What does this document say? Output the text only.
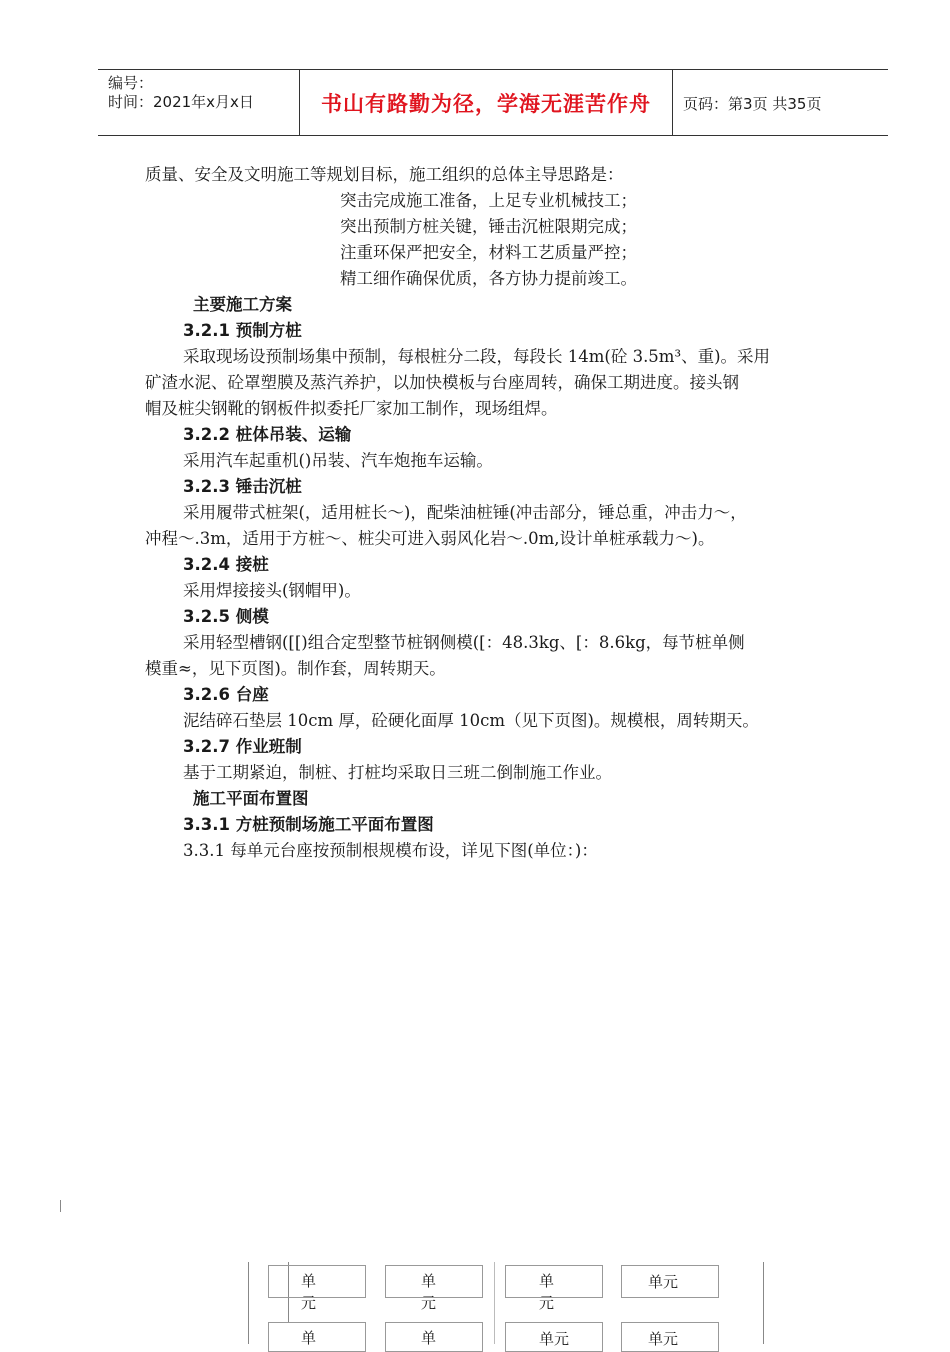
编号：
时间：2021年x月x日	书山有路勤为径，学海无涯苦作舟	页码：第3页 共35页
质量、安全及文明施工等规划目标，施工组织的总体主导思路是：
突击完成施工准备，上足专业机械技工；
突出预制方桩关键，锤击沉桩限期完成；
注重环保严把安全，材料工艺质量严控；
精工细作确保优质，各方协力提前竣工。
主要施工方案
3.2.1 预制方桩
采取现场设预制场集中预制，每根桩分二段，每段长 14m(砼 3.5m³、重)。采用
矿渣水泥、砼罩塑膜及蒸汽养护，以加快模板与台座周转，确保工期进度。接头钢
帽及桩尖钢靴的钢板件拟委托厂家加工制作，现场组焊。
3.2.2 桩体吊装、运输
采用汽车起重机()吊装、汽车炮拖车运输。
3.2.3 锤击沉桩
采用履带式桩架(，适用桩长～)，配柴油桩锤(冲击部分，锤总重，冲击力～，
冲程～.3m，适用于方桩～、桩尖可进入弱风化岩～.0m,设计单桩承载力～)。
3.2.4 接桩
采用焊接接头(钢帽甲)。
3.2.5 侧模
采用轻型槽钢([[)组合定型整节桩钢侧模([：48.3kg、[：8.6kg，每节桩单侧
模重≈，见下页图)。制作套，周转期天。
3.2.6 台座
泥结碎石垫层 10cm 厚，砼硬化面厚 10cm（见下页图)。规模根，周转期天。
3.2.7 作业班制
基于工期紧迫，制桩、打桩均采取日三班二倒制施工作业。
施工平面布置图
3.3.1 方桩预制场施工平面布置图
3.3.1 每单元台座按预制根规模布设，详见下图(单位：)：
单
元
单
元
单
元
单元
单	单	单元	单元
